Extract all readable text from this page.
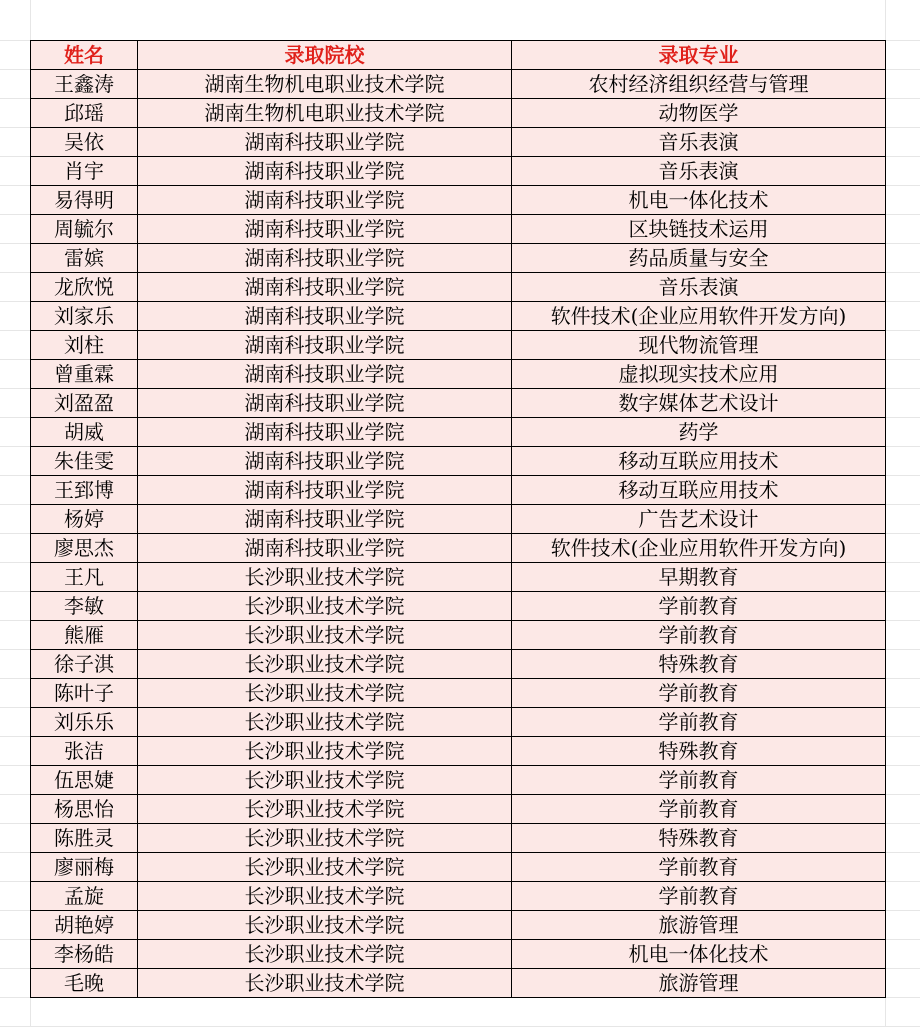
姓名	录取院校	录取专业
王鑫涛	湖南生物机电职业技术学院	农村经济组织经营与管理
邱瑶	湖南生物机电职业技术学院	动物医学
吴依	湖南科技职业学院	音乐表演
肖宇	湖南科技职业学院	音乐表演
易得明	湖南科技职业学院	机电一体化技术
周毓尔	湖南科技职业学院	区块链技术运用
雷嫔	湖南科技职业学院	药品质量与安全
龙欣悦	湖南科技职业学院	音乐表演
刘家乐	湖南科技职业学院	软件技术(企业应用软件开发方向)
刘柱	湖南科技职业学院	现代物流管理
曾重霖	湖南科技职业学院	虚拟现实技术应用
刘盈盈	湖南科技职业学院	数字媒体艺术设计
胡威	湖南科技职业学院	药学
朱佳雯	湖南科技职业学院	移动互联应用技术
王郅博	湖南科技职业学院	移动互联应用技术
杨婷	湖南科技职业学院	广告艺术设计
廖思杰	湖南科技职业学院	软件技术(企业应用软件开发方向)
王凡	长沙职业技术学院	早期教育
李敏	长沙职业技术学院	学前教育
熊雁	长沙职业技术学院	学前教育
徐子淇	长沙职业技术学院	特殊教育
陈叶子	长沙职业技术学院	学前教育
刘乐乐	长沙职业技术学院	学前教育
张洁	长沙职业技术学院	特殊教育
伍思婕	长沙职业技术学院	学前教育
杨思怡	长沙职业技术学院	学前教育
陈胜灵	长沙职业技术学院	特殊教育
廖丽梅	长沙职业技术学院	学前教育
孟旋	长沙职业技术学院	学前教育
胡艳婷	长沙职业技术学院	旅游管理
李杨皓	长沙职业技术学院	机电一体化技术
毛晚	长沙职业技术学院	旅游管理
